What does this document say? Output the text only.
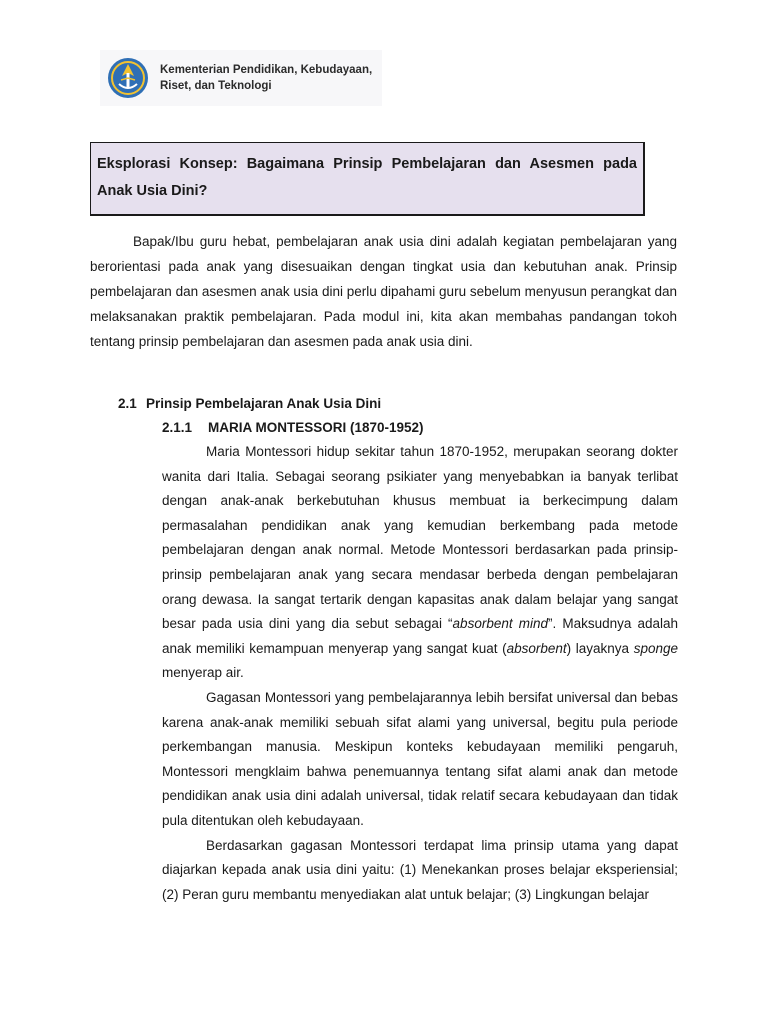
Kementerian Pendidikan, Kebudayaan,
Riset, dan Teknologi

Eksplorasi Konsep: Bagaimana Prinsip Pembelajaran dan Asesmen pada Anak Usia Dini?

Bapak/Ibu guru hebat, pembelajaran anak usia dini adalah kegiatan pembelajaran yang berorientasi pada anak yang disesuaikan dengan tingkat usia dan kebutuhan anak. Prinsip pembelajaran dan asesmen anak usia dini perlu dipahami guru sebelum menyusun perangkat dan melaksanakan praktik pembelajaran. Pada modul ini, kita akan membahas pandangan tokoh tentang prinsip pembelajaran dan asesmen pada anak usia dini.

2.1 Prinsip Pembelajaran Anak Usia Dini
2.1.1 MARIA MONTESSORI (1870-1952)

Maria Montessori hidup sekitar tahun 1870-1952, merupakan seorang dokter wanita dari Italia. Sebagai seorang psikiater yang menyebabkan ia banyak terlibat dengan anak-anak berkebutuhan khusus membuat ia berkecimpung dalam permasalahan pendidikan anak yang kemudian berkembang pada metode pembelajaran dengan anak normal. Metode Montessori berdasarkan pada prinsip-prinsip pembelajaran anak yang secara mendasar berbeda dengan pembelajaran orang dewasa. Ia sangat tertarik dengan kapasitas anak dalam belajar yang sangat besar pada usia dini yang dia sebut sebagai “absorbent mind”. Maksudnya adalah anak memiliki kemampuan menyerap yang sangat kuat (absorbent) layaknya sponge menyerap air.

Gagasan Montessori yang pembelajarannya lebih bersifat universal dan bebas karena anak-anak memiliki sebuah sifat alami yang universal, begitu pula periode perkembangan manusia. Meskipun konteks kebudayaan memiliki pengaruh, Montessori mengklaim bahwa penemuannya tentang sifat alami anak dan metode pendidikan anak usia dini adalah universal, tidak relatif secara kebudayaan dan tidak pula ditentukan oleh kebudayaan.

Berdasarkan gagasan Montessori terdapat lima prinsip utama yang dapat diajarkan kepada anak usia dini yaitu: (1) Menekankan proses belajar eksperiensial; (2) Peran guru membantu menyediakan alat untuk belajar; (3) Lingkungan belajar
